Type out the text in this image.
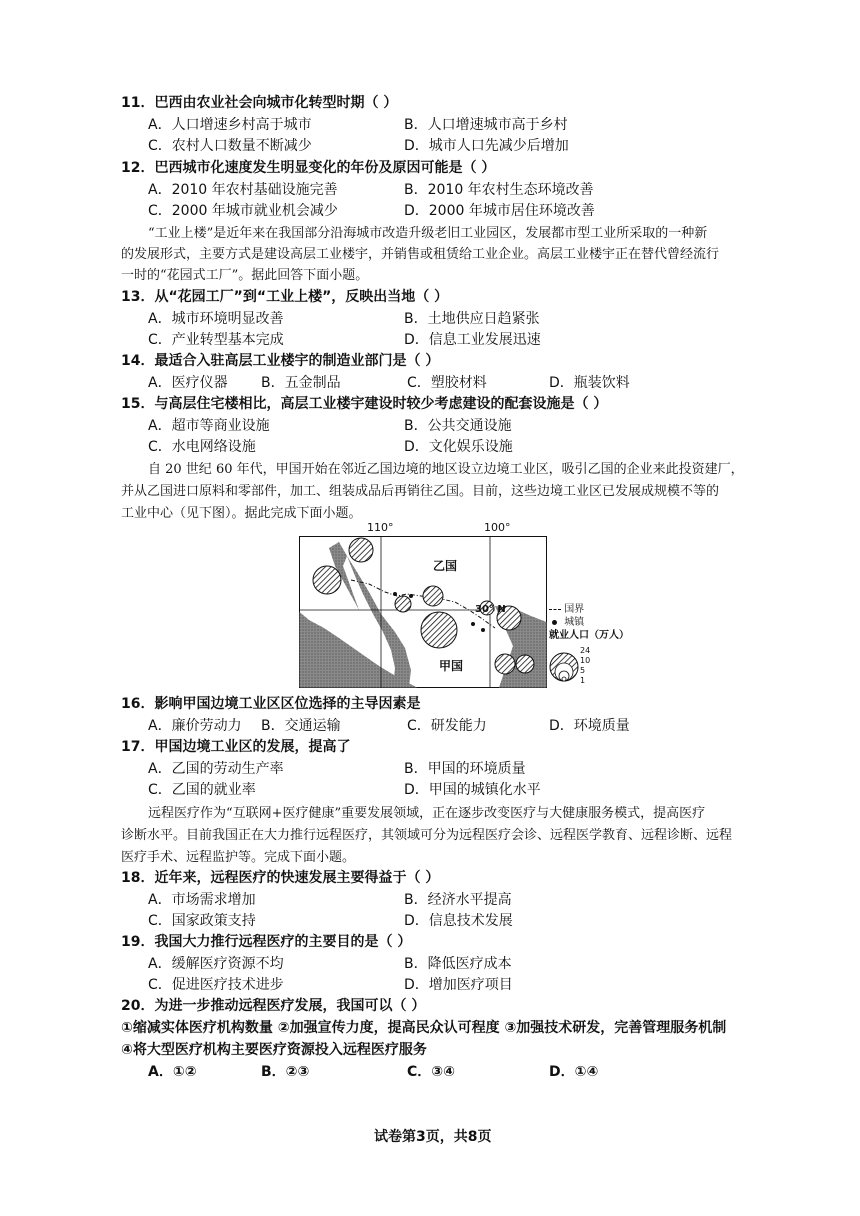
11．巴西由农业社会向城市化转型时期（ ）
A．人口增速乡村高于城市	B．人口增速城市高于乡村
C．农村人口数量不断减少	D．城市人口先减少后增加
12．巴西城市化速度发生明显变化的年份及原因可能是（ ）
A．2010 年农村基础设施完善	B．2010 年农村生态环境改善
C．2000 年城市就业机会减少	D．2000 年城市居住环境改善
“工业上楼”是近年来在我国部分沿海城市改造升级老旧工业园区，发展都市型工业所采取的一种新
的发展形式，主要方式是建设高层工业楼宇，并销售或租赁给工业企业。高层工业楼宇正在替代曾经流行
一时的“花园式工厂”。据此回答下面小题。
13．从“花园工厂”到“工业上楼”，反映出当地（ ）
A．城市环境明显改善	B．土地供应日趋紧张
C．产业转型基本完成	D．信息工业发展迅速
14．最适合入驻高层工业楼宇的制造业部门是（ ）
A．医疗仪器 B．五金制品	C．塑胶材料	D．瓶装饮料
15．与高层住宅楼相比，高层工业楼宇建设时较少考虑建设的配套设施是（ ）
A．超市等商业设施	B．公共交通设施
C．水电网络设施	D．文化娱乐设施
自 20 世纪 60 年代，甲国开始在邻近乙国边境的地区设立边境工业区，吸引乙国的企业来此投资建厂，
并从乙国进口原料和零部件，加工、组装成品后再销往乙国。目前，这些边境工业区已发展成规模不等的
工业中心（见下图）。据此完成下面小题。
乙国
30° N
甲国
110°	100°
国界
城镇
就业人口（万人）
24
10
5
1
16．影响甲国边境工业区区位选择的主导因素是
A．廉价劳动力 B．交通运输	C．研发能力	D．环境质量
17．甲国边境工业区的发展，提高了
A．乙国的劳动生产率	B．甲国的环境质量
C．乙国的就业率	D．甲国的城镇化水平
远程医疗作为“互联网+医疗健康”重要发展领域，正在逐步改变医疗与大健康服务模式，提高医疗
诊断水平。目前我国正在大力推行远程医疗，其领域可分为远程医疗会诊、远程医学教育、远程诊断、远程
医疗手术、远程监护等。完成下面小题。
18．近年来，远程医疗的快速发展主要得益于（ ）
A．市场需求增加	B．经济水平提高
C．国家政策支持	D．信息技术发展
19．我国大力推行远程医疗的主要目的是（ ）
A．缓解医疗资源不均	B．降低医疗成本
C．促进医疗技术进步	D．增加医疗项目
20．为进一步推动远程医疗发展，我国可以（ ）
①缩减实体医疗机构数量 ②加强宣传力度，提高民众认可程度 ③加强技术研发，完善管理服务机制
④将大型医疗机构主要医疗资源投入远程医疗服务
A．①②	B．②③	C．③④	D．①④
试卷第3页，共8页
